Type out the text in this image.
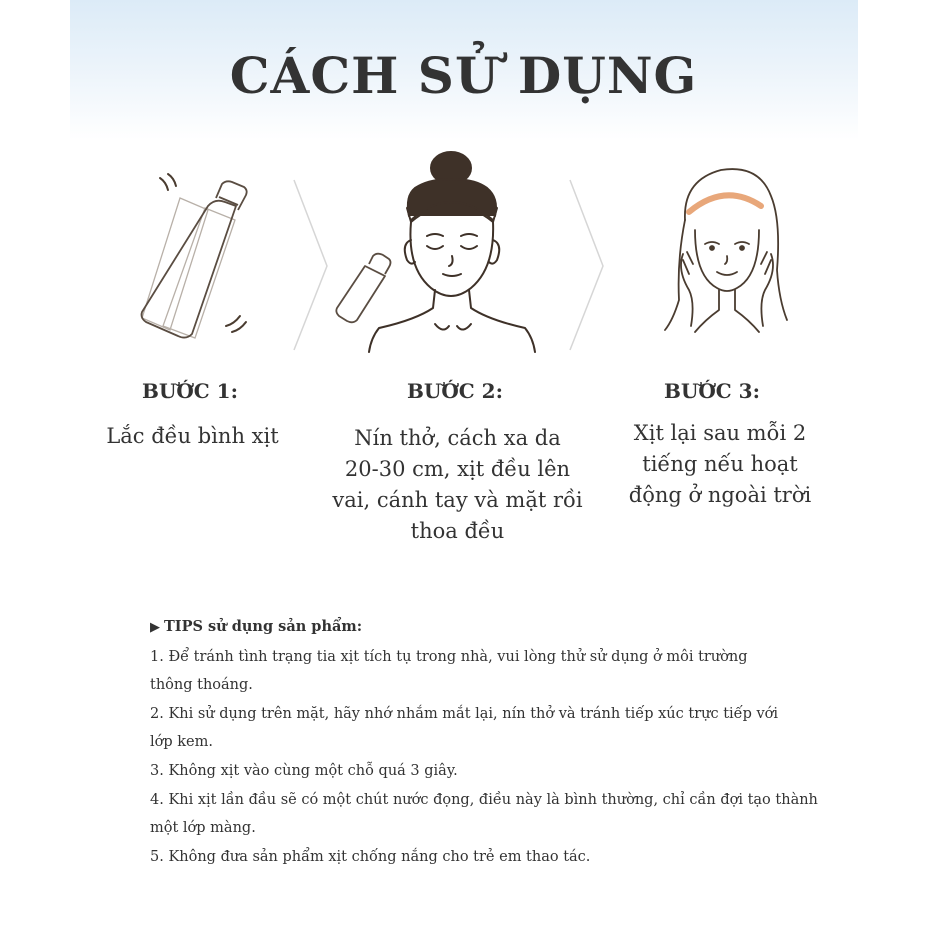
CÁCH SỬ DỤNG
BƯỚC 1:
Lắc đều bình xịt
BƯỚC 2:
Nín thở, cách xa da
20-30 cm, xịt đều lên
vai, cánh tay và mặt rồi
thoa đều
BƯỚC 3:
Xịt lại sau mỗi 2
tiếng nếu hoạt
động ở ngoài trời
▶ TIPS sử dụng sản phẩm:
1. Để tránh tình trạng tia xịt tích tụ trong nhà, vui lòng thử sử dụng ở môi trường
thông thoáng.
2. Khi sử dụng trên mặt, hãy nhớ nhắm mắt lại, nín thở và tránh tiếp xúc trực tiếp với
lớp kem.
3. Không xịt vào cùng một chỗ quá 3 giây.
4. Khi xịt lần đầu sẽ có một chút nước đọng, điều này là bình thường, chỉ cần đợi tạo thành
một lớp màng.
5. Không đưa sản phẩm xịt chống nắng cho trẻ em thao tác.
